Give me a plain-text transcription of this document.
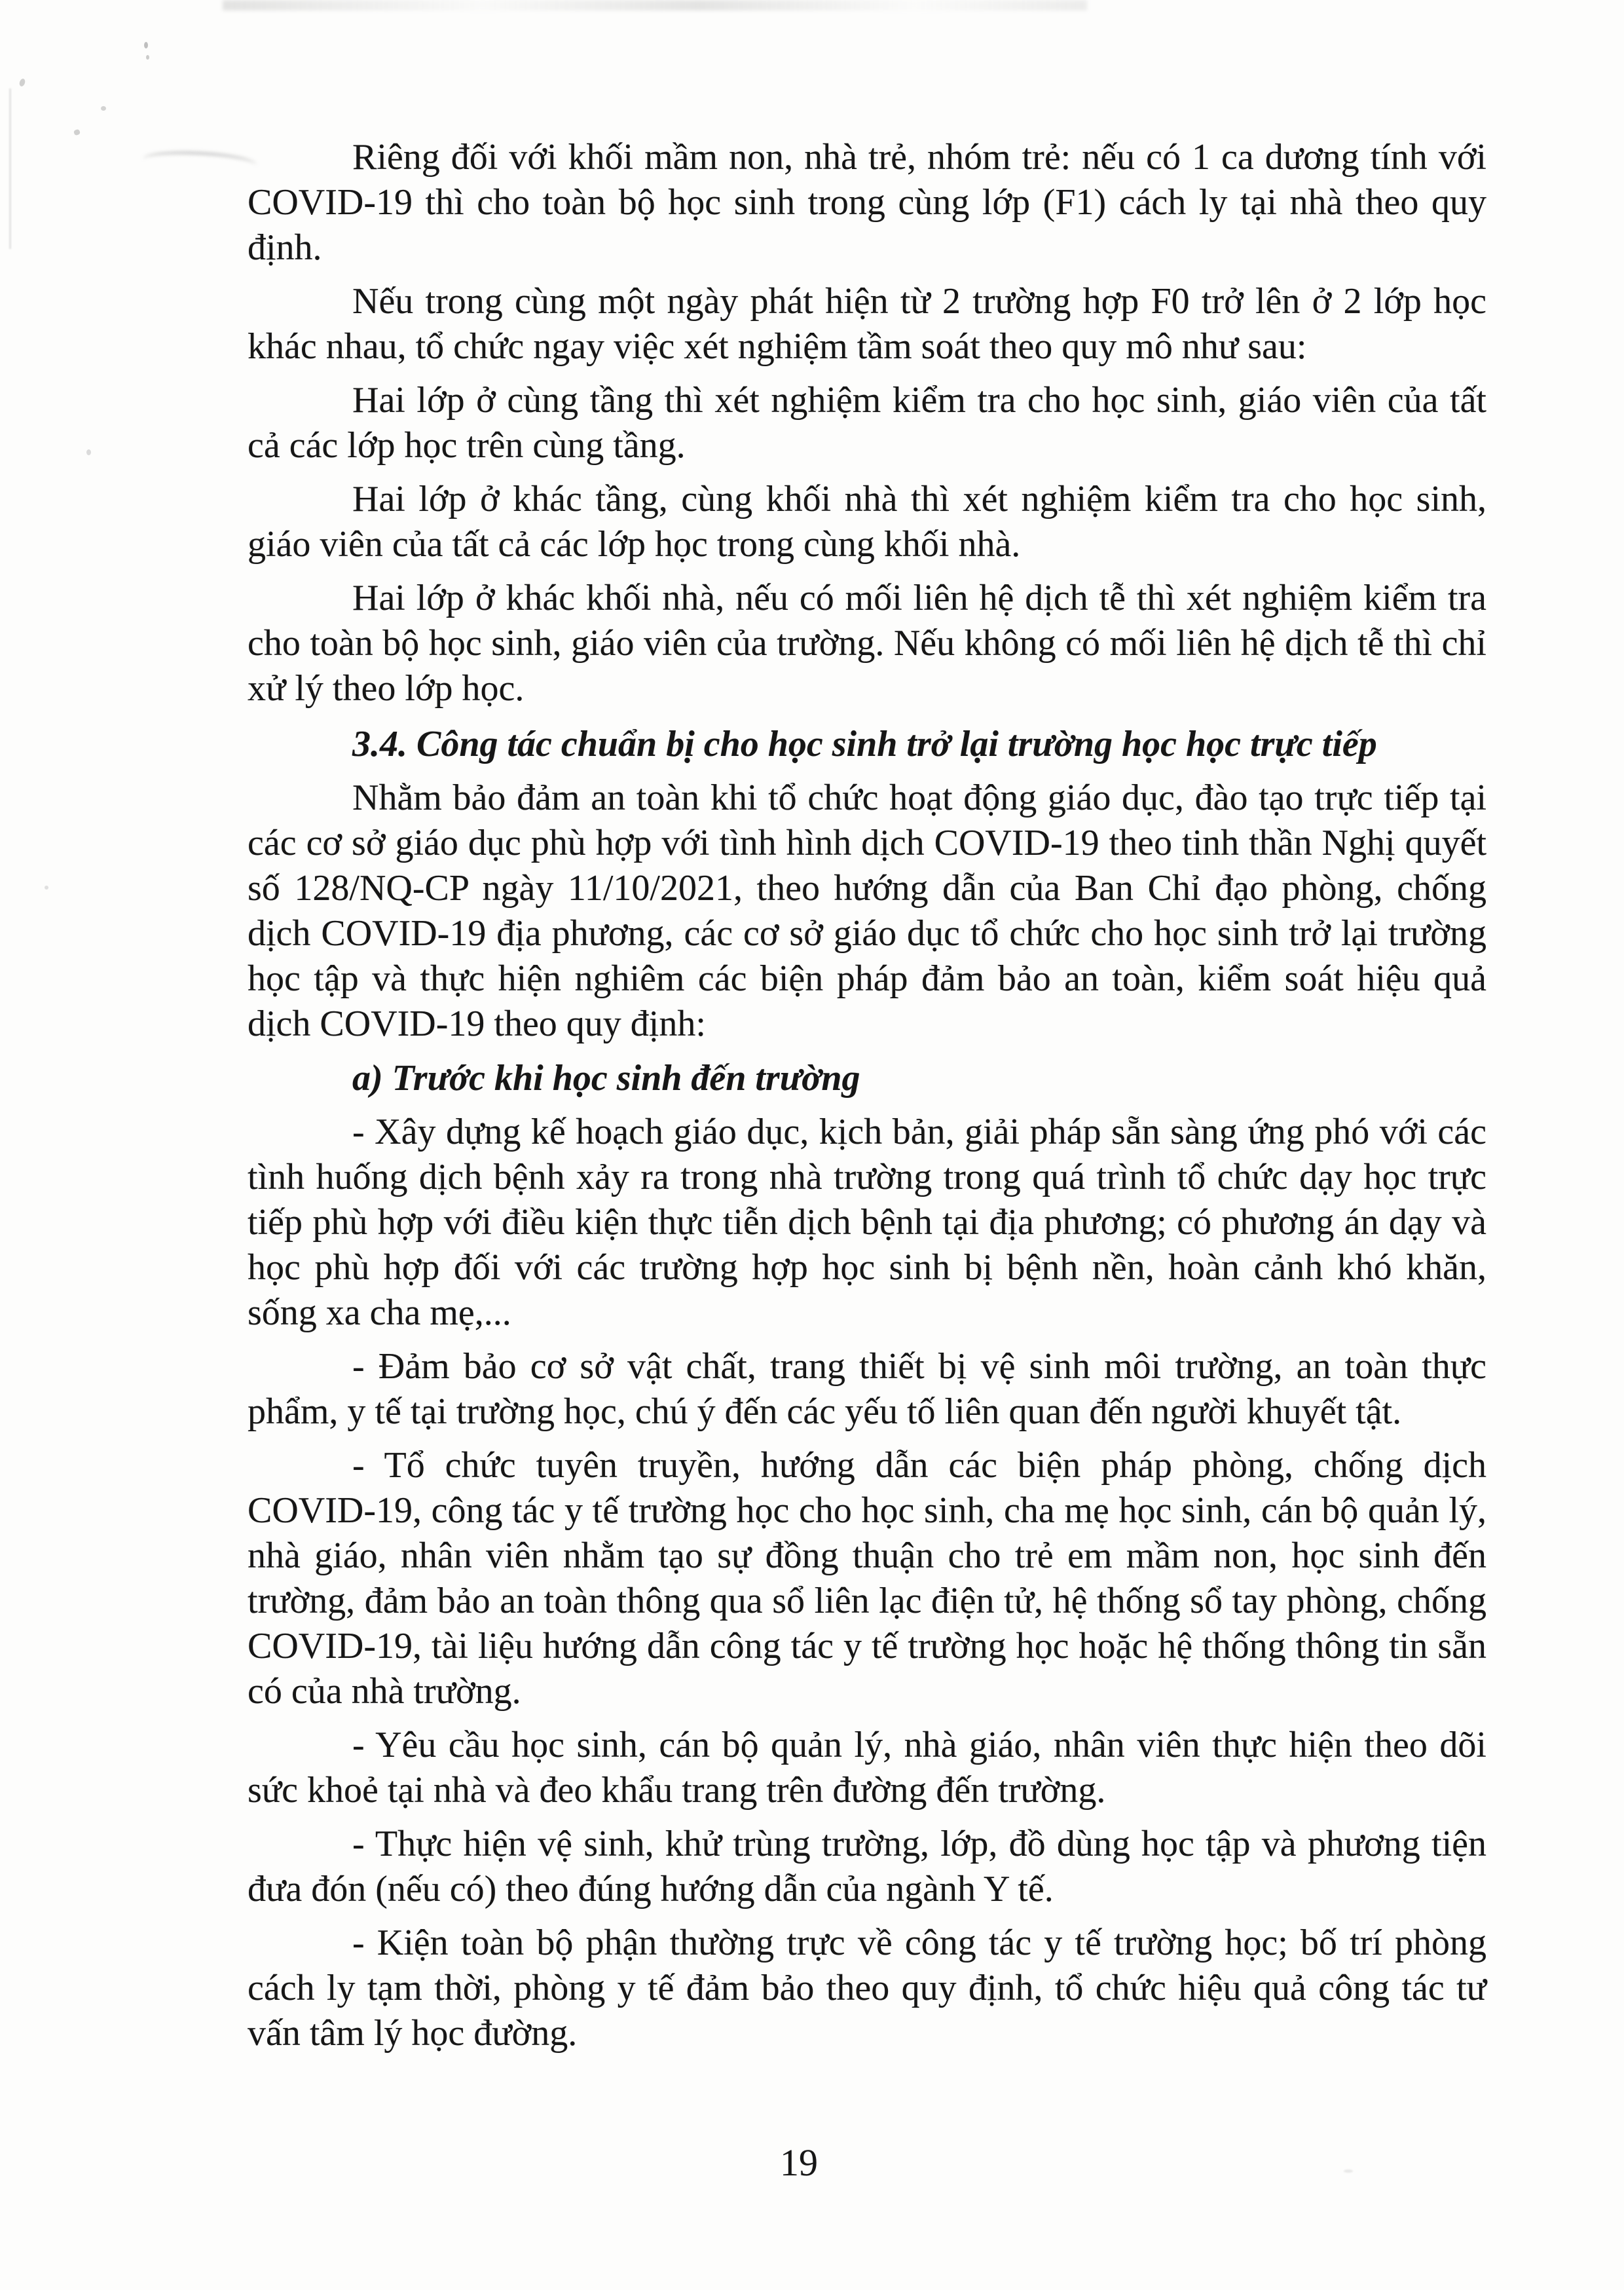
Riêng đối với khối mầm non, nhà trẻ, nhóm trẻ: nếu có 1 ca dương tính với COVID-19 thì cho toàn bộ học sinh trong cùng lớp (F1) cách ly tại nhà theo quy định.

Nếu trong cùng một ngày phát hiện từ 2 trường hợp F0 trở lên ở 2 lớp học khác nhau, tổ chức ngay việc xét nghiệm tầm soát theo quy mô như sau:

Hai lớp ở cùng tầng thì xét nghiệm kiểm tra cho học sinh, giáo viên của tất cả các lớp học trên cùng tầng.

Hai lớp ở khác tầng, cùng khối nhà thì xét nghiệm kiểm tra cho học sinh, giáo viên của tất cả các lớp học trong cùng khối nhà.

Hai lớp ở khác khối nhà, nếu có mối liên hệ dịch tễ thì xét nghiệm kiểm tra cho toàn bộ học sinh, giáo viên của trường. Nếu không có mối liên hệ dịch tễ thì chỉ xử lý theo lớp học.

3.4. Công tác chuẩn bị cho học sinh trở lại trường học học trực tiếp

Nhằm bảo đảm an toàn khi tổ chức hoạt động giáo dục, đào tạo trực tiếp tại các cơ sở giáo dục phù hợp với tình hình dịch COVID-19 theo tinh thần Nghị quyết số 128/NQ-CP ngày 11/10/2021, theo hướng dẫn của Ban Chỉ đạo phòng, chống dịch COVID-19 địa phương, các cơ sở giáo dục tổ chức cho học sinh trở lại trường học tập và thực hiện nghiêm các biện pháp đảm bảo an toàn, kiểm soát hiệu quả dịch COVID-19 theo quy định:

a) Trước khi học sinh đến trường

- Xây dựng kế hoạch giáo dục, kịch bản, giải pháp sẵn sàng ứng phó với các tình huống dịch bệnh xảy ra trong nhà trường trong quá trình tổ chức dạy học trực tiếp phù hợp với điều kiện thực tiễn dịch bệnh tại địa phương; có phương án dạy và học phù hợp đối với các trường hợp học sinh bị bệnh nền, hoàn cảnh khó khăn, sống xa cha mẹ,...

- Đảm bảo cơ sở vật chất, trang thiết bị vệ sinh môi trường, an toàn thực phẩm, y tế tại trường học, chú ý đến các yếu tố liên quan đến người khuyết tật.

- Tổ chức tuyên truyền, hướng dẫn các biện pháp phòng, chống dịch COVID-19, công tác y tế trường học cho học sinh, cha mẹ học sinh, cán bộ quản lý, nhà giáo, nhân viên nhằm tạo sự đồng thuận cho trẻ em mầm non, học sinh đến trường, đảm bảo an toàn thông qua sổ liên lạc điện tử, hệ thống sổ tay phòng, chống COVID-19, tài liệu hướng dẫn công tác y tế trường học hoặc hệ thống thông tin sẵn có của nhà trường.

- Yêu cầu học sinh, cán bộ quản lý, nhà giáo, nhân viên thực hiện theo dõi sức khoẻ tại nhà và đeo khẩu trang trên đường đến trường.

- Thực hiện vệ sinh, khử trùng trường, lớp, đồ dùng học tập và phương tiện đưa đón (nếu có) theo đúng hướng dẫn của ngành Y tế.

- Kiện toàn bộ phận thường trực về công tác y tế trường học; bố trí phòng cách ly tạm thời, phòng y tế đảm bảo theo quy định, tổ chức hiệu quả công tác tư vấn tâm lý học đường.

19
